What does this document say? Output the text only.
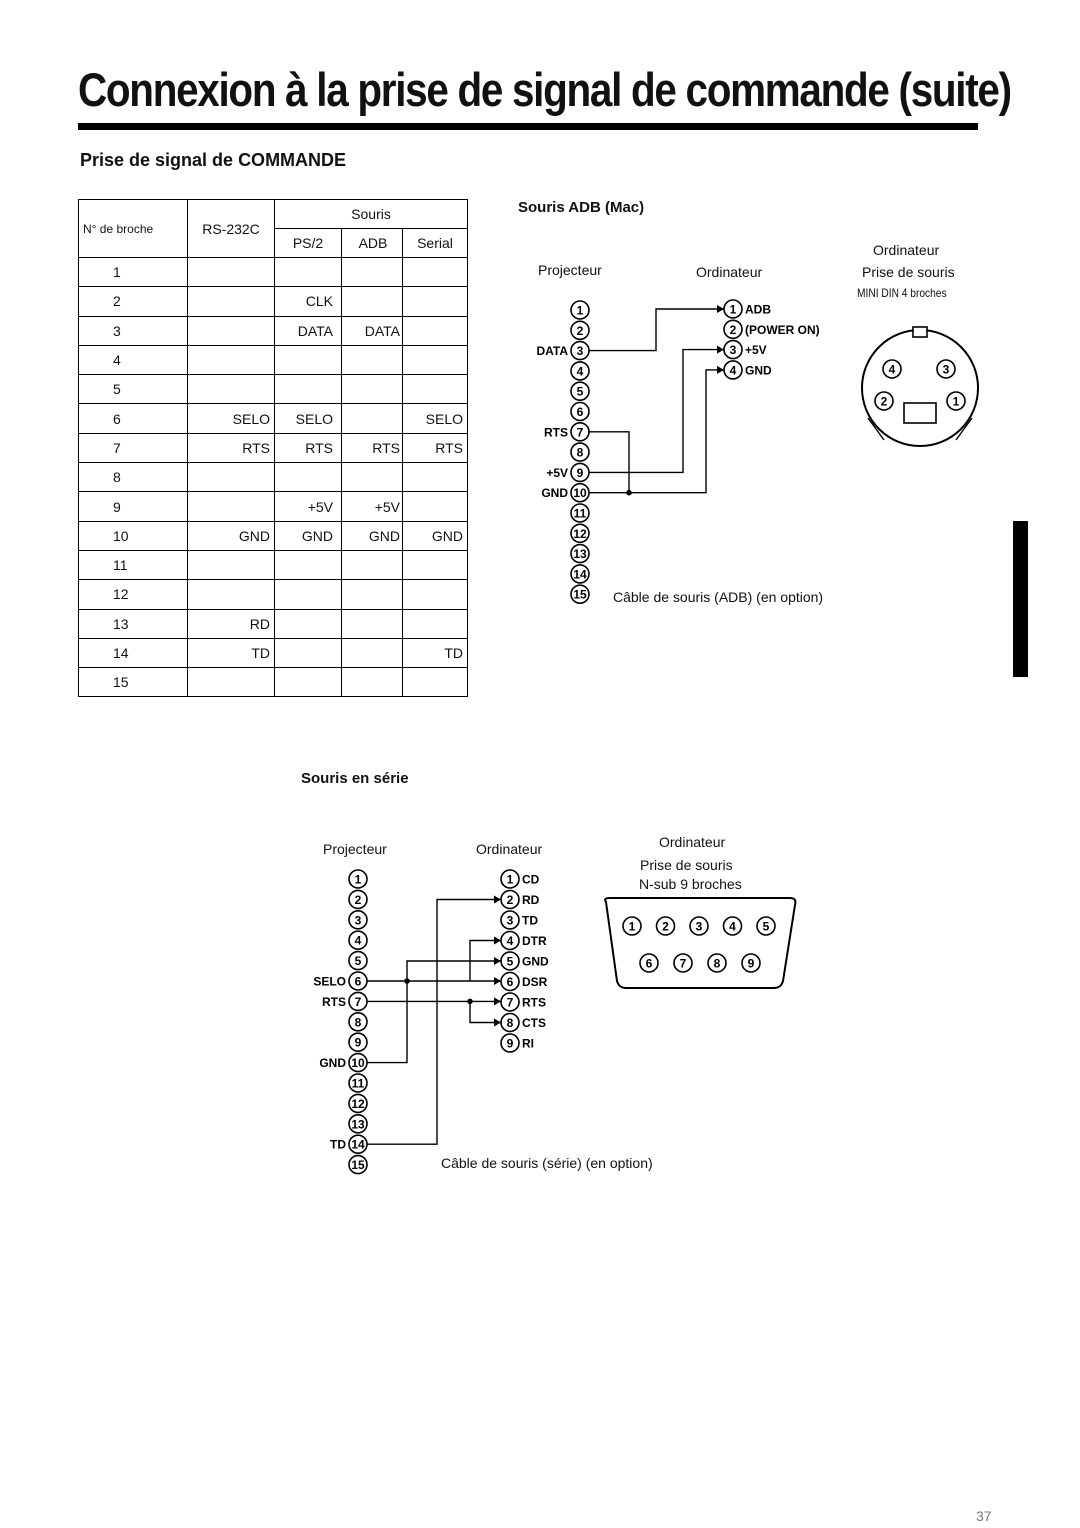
Connexion à la prise de signal de commande (suite)
Prise de signal de COMMANDE
N° de broche	RS-232C	Souris		
		PS/2	ADB	Serial
1				
2		CLK		
3		DATA	DATA	
4				
5				
6	SELO	SELO		SELO
7	RTS	RTS	RTS	RTS
8				
9		+5V	+5V	
10	GND	GND	GND	GND
11				
12				
13	RD			
14	TD			TD
15				
Souris ADB (Mac)
Projecteur	Ordinateur
Ordinateur
Prise de souris
MINI DIN 4 broches
Câble de souris (ADB) (en option)
1
2
3
4
5
6
7
8
9
10
11
12
13
14
15
DATA
RTS
+5V
GND
1 ADB
2 (POWER ON)
3 +5V
4 GND
1
2
3
4
Souris en série
Projecteur	Ordinateur	Ordinateur
Prise de souris
N-sub 9 broches
Câble de souris (série) (en option)
1
2
3
4
5
6
7
8
9
10
11
12
13
14
15
SELO
RTS
GND
TD
1 CD
2 RD
3 TD
4 DTR
5 GND
6 DSR
7 RTS
8 CTS
9 RI
1 2 3 4 5
6 7 8 9
37
